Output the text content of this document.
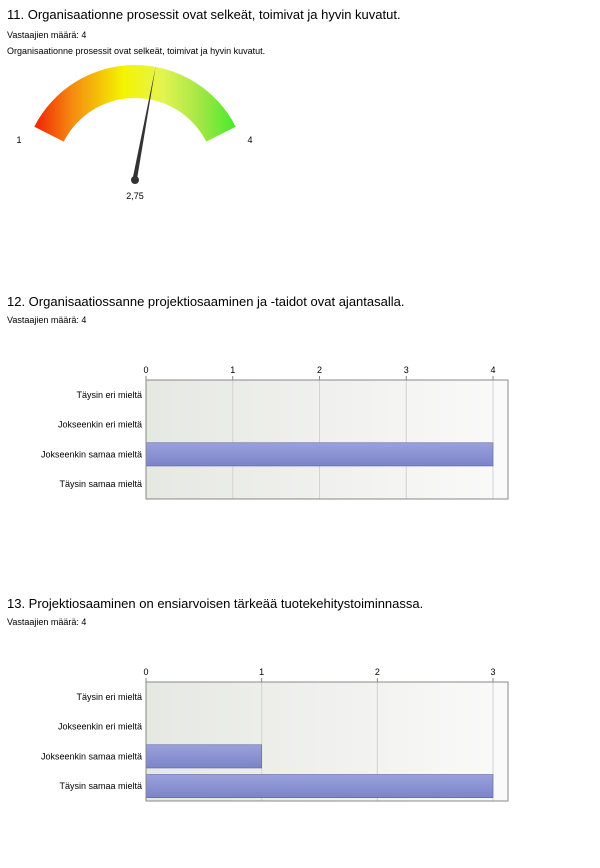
11. Organisaationne prosessit ovat selkeät, toimivat ja hyvin kuvatut.
Vastaajien määrä: 4
Organisaationne prosessit ovat selkeät, toimivat ja hyvin kuvatut.
1	4
2,75
12. Organisaatiossanne projektiosaaminen ja -taidot ovat ajantasalla.
Vastaajien määrä: 4
0	1	2	3	4
Täysin eri mieltä
Jokseenkin eri mieltä
Jokseenkin samaa mieltä
Täysin samaa mieltä
13. Projektiosaaminen on ensiarvoisen tärkeää tuotekehitystoiminnassa.
Vastaajien määrä: 4
0	1	2	3
Täysin eri mieltä
Jokseenkin eri mieltä
Jokseenkin samaa mieltä
Täysin samaa mieltä
